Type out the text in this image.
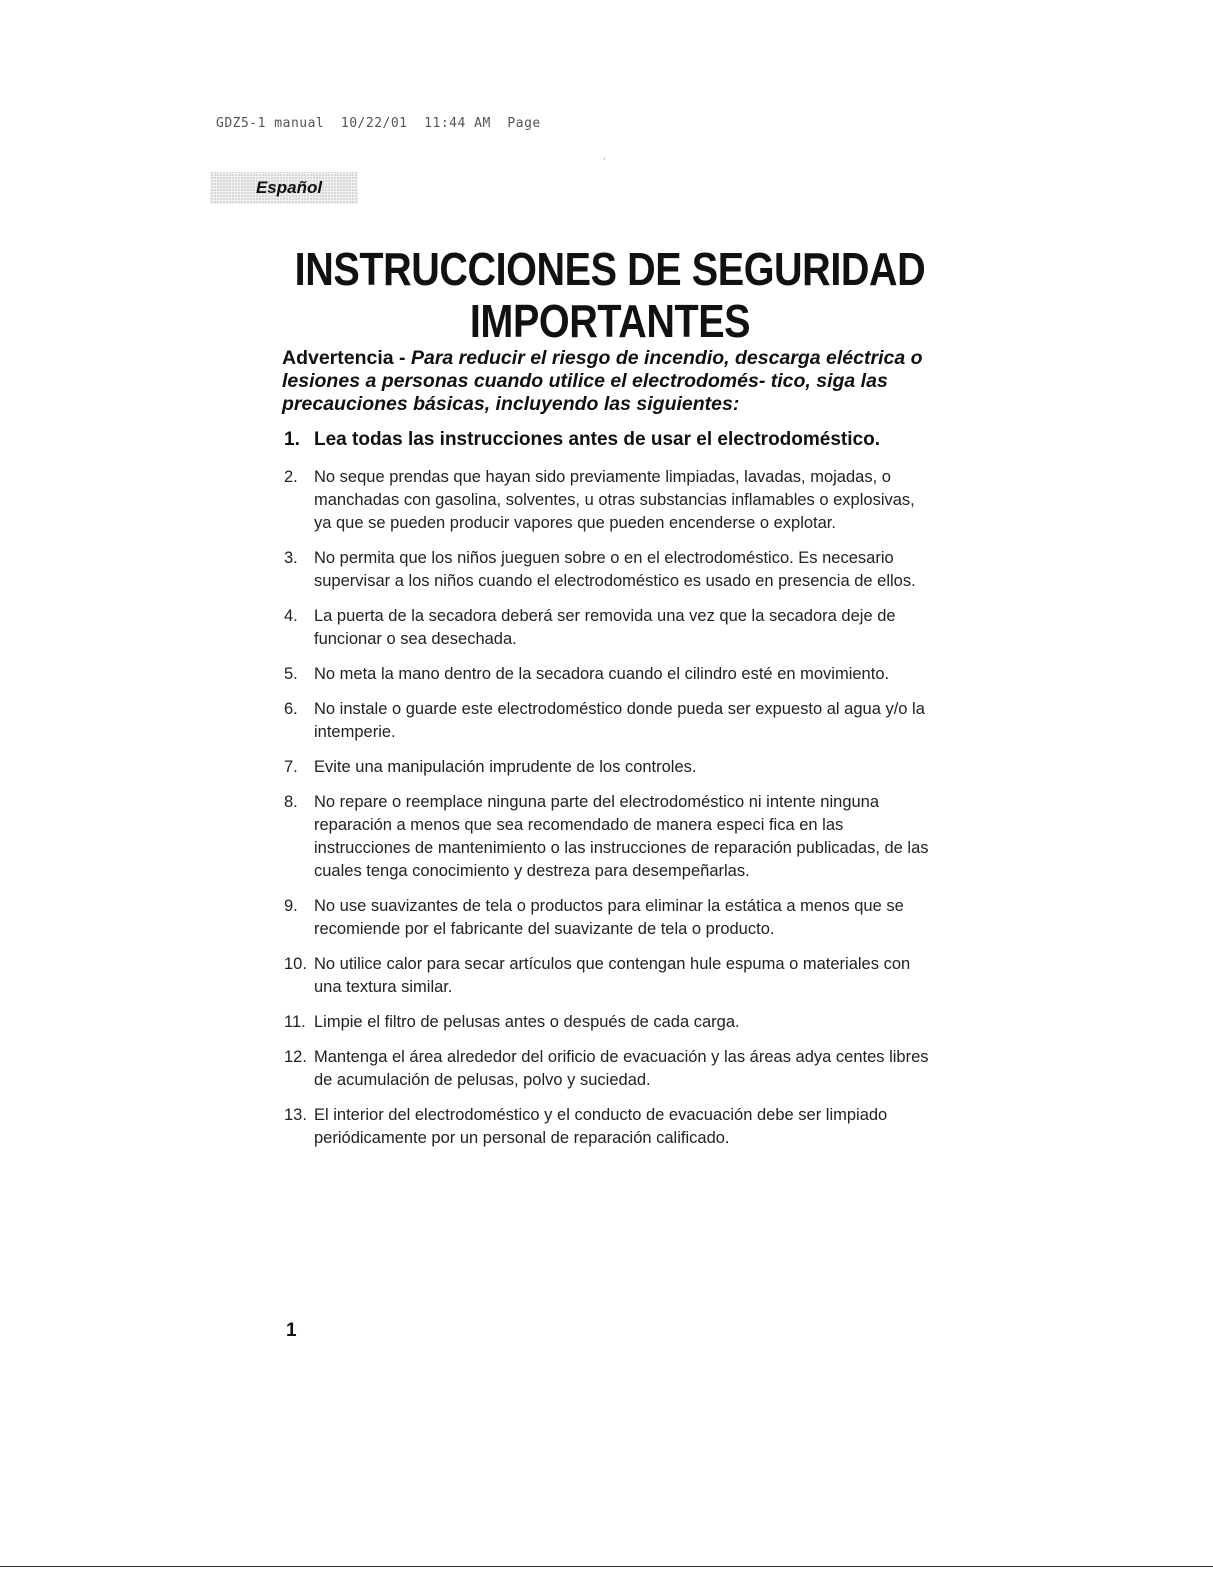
GDZ5-1 manual  10/22/01  11:44 AM  Page
Español
INSTRUCCIONES DE SEGURIDAD
IMPORTANTES
Advertencia - Para reducir el riesgo de incendio, descarga eléctrica o lesiones a personas cuando utilice el electrodomés- tico, siga las precauciones básicas, incluyendo las siguientes:
1. Lea todas las instrucciones antes de usar el electrodoméstico.
2. No seque prendas que hayan sido previamente limpiadas, lavadas, mojadas, o manchadas con gasolina, solventes, u otras substancias inflamables o explosivas, ya que se pueden producir vapores que pueden encenderse o explotar.
3. No permita que los niños jueguen sobre o en el electrodoméstico. Es necesario supervisar a los niños cuando el electrodoméstico es usado en presencia de ellos.
4. La puerta de la secadora deberá ser removida una vez que la secadora deje de funcionar o sea desechada.
5. No meta la mano dentro de la secadora cuando el cilindro esté en movimiento.
6. No instale o guarde este electrodoméstico donde pueda ser expuesto al agua y/o la intemperie.
7. Evite una manipulación imprudente de los controles.
8. No repare o reemplace ninguna parte del electrodoméstico ni intente ninguna reparación a menos que sea recomendado de manera especi fica en las instrucciones de mantenimiento o las instrucciones de reparación publicadas, de las cuales tenga conocimiento y destreza para desempeñarlas.
9. No use suavizantes de tela o productos para eliminar la estática a menos que se recomiende por el fabricante del suavizante de tela o producto.
10. No utilice calor para secar artículos que contengan hule espuma o materiales con una textura similar.
11. Limpie el filtro de pelusas antes o después de cada carga.
12. Mantenga el área alrededor del orificio de evacuación y las áreas adya centes libres de acumulación de pelusas, polvo y suciedad.
13. El interior del electrodoméstico y el conducto de evacuación debe ser limpiado periódicamente por un personal de reparación calificado.
1
